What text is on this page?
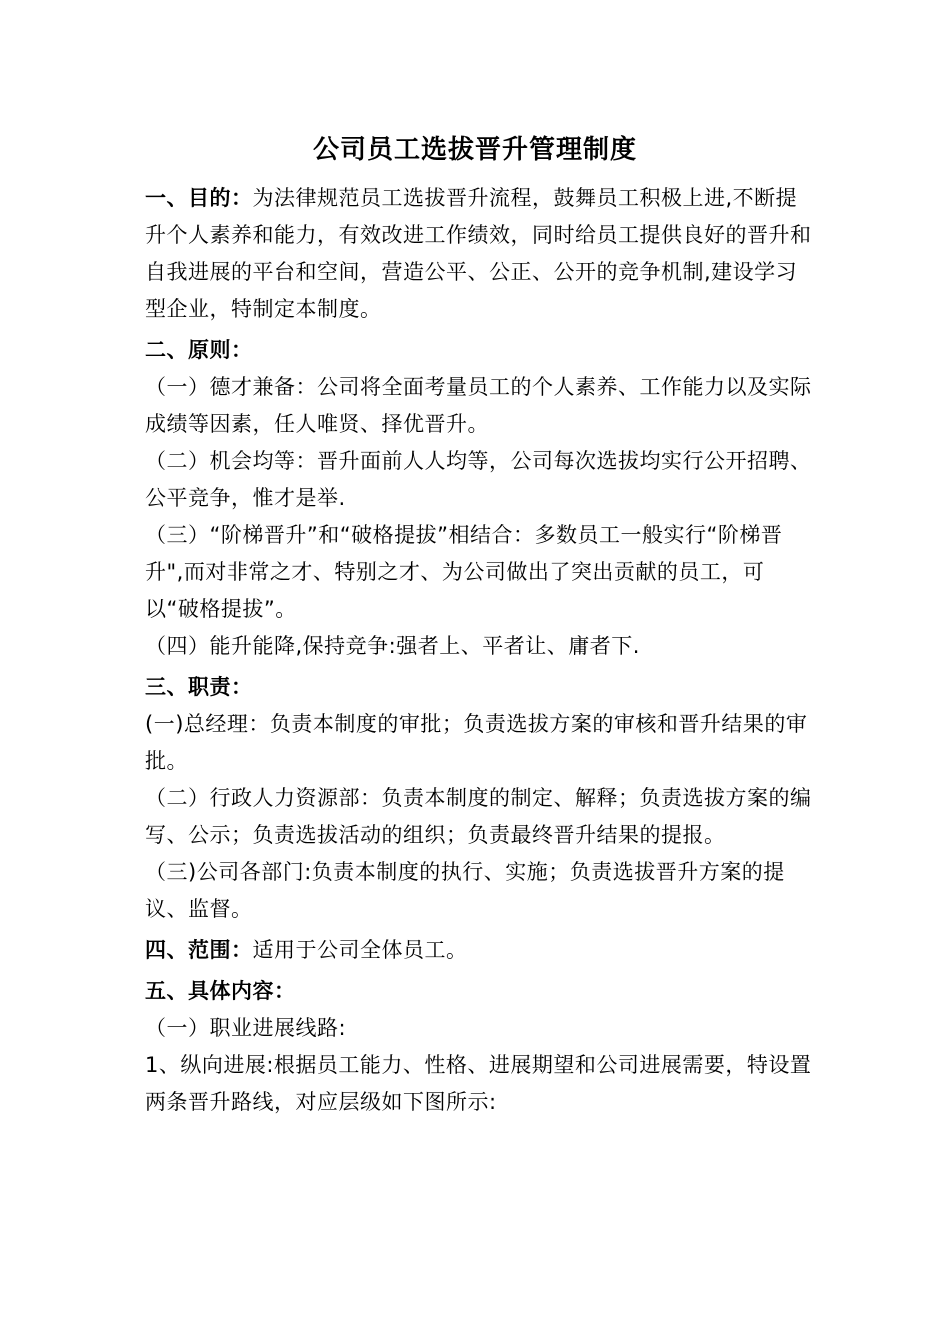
公司员工选拔晋升管理制度

一、目的：为法律规范员工选拔晋升流程，鼓舞员工积极上进,不断提升个人素养和能力，有效改进工作绩效，同时给员工提供良好的晋升和自我进展的平台和空间，营造公平、公正、公开的竞争机制,建设学习型企业，特制定本制度。

二、原则：

（一）德才兼备：公司将全面考量员工的个人素养、工作能力以及实际成绩等因素，任人唯贤、择优晋升。

（二）机会均等：晋升面前人人均等，公司每次选拔均实行公开招聘、公平竞争，惟才是举.

（三）“阶梯晋升”和“破格提拔”相结合：多数员工一般实行“阶梯晋升",而对非常之才、特别之才、为公司做出了突出贡献的员工，可以“破格提拔”。

（四）能升能降,保持竞争:强者上、平者让、庸者下.

三、职责：

(一)总经理：负责本制度的审批；负责选拔方案的审核和晋升结果的审批。

（二）行政人力资源部：负责本制度的制定、解释；负责选拔方案的编写、公示；负责选拔活动的组织；负责最终晋升结果的提报。

（三)公司各部门:负责本制度的执行、实施；负责选拔晋升方案的提议、监督。

四、范围：适用于公司全体员工。

五、具体内容：

（一）职业进展线路:

1、纵向进展:根据员工能力、性格、进展期望和公司进展需要，特设置两条晋升路线，对应层级如下图所示:
